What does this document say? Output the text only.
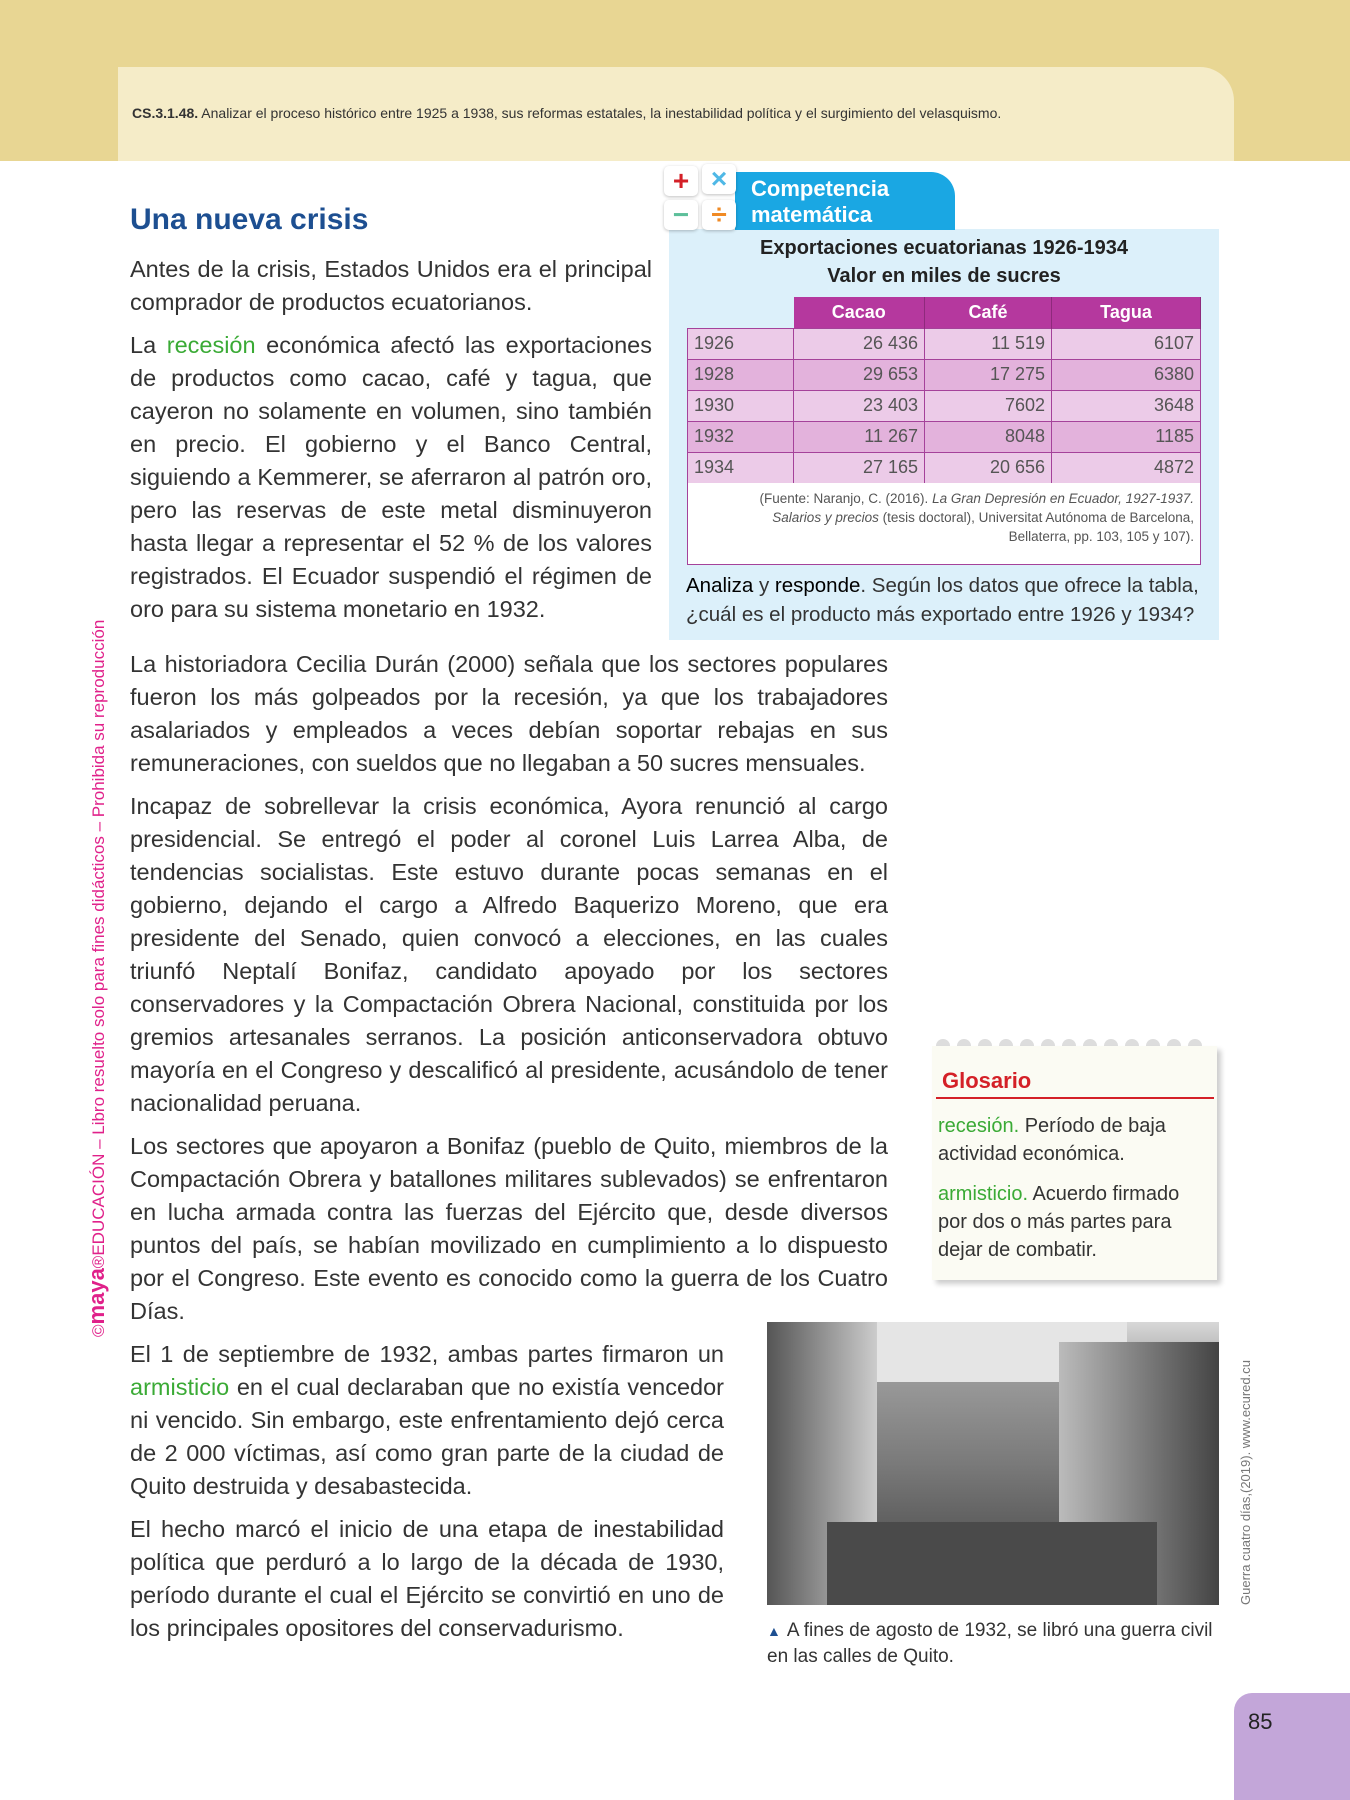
CS.3.1.48. Analizar el proceso histórico entre 1925 a 1938, sus reformas estatales, la inestabilidad política y el surgimiento del velasquismo.
©maya®EDUCACIÓN – Libro resuelto solo para fines didácticos – Prohibida su reproducción
Una nueva crisis

Antes de la crisis, Estados Unidos era el principal comprador de productos ecuatorianos.

La recesión económica afectó las exportaciones de productos como cacao, café y tagua, que cayeron no solamente en volumen, sino también en precio. El gobierno y el Banco Central, siguiendo a Kemmerer, se aferraron al patrón oro, pero las reservas de este metal disminuyeron hasta llegar a representar el 52 % de los valores registrados. El Ecuador suspendió el régimen de oro para su sistema monetario en 1932.

La historiadora Cecilia Durán (2000) señala que los sectores populares fueron los más golpeados por la recesión, ya que los trabajadores asalariados y empleados a veces debían soportar rebajas en sus remuneraciones, con sueldos que no llegaban a 50 sucres mensuales.

Incapaz de sobrellevar la crisis económica, Ayora renunció al cargo presidencial. Se entregó el poder al coronel Luis Larrea Alba, de tendencias socialistas. Este estuvo durante pocas semanas en el gobierno, dejando el cargo a Alfredo Baquerizo Moreno, que era presidente del Senado, quien convocó a elecciones, en las cuales triunfó Neptalí Bonifaz, candidato apoyado por los sectores conservadores y la Compactación Obrera Nacional, constituida por los gremios artesanales serranos. La posición anticonservadora obtuvo mayoría en el Congreso y descalificó al presidente, acusándolo de tener nacionalidad peruana.

Los sectores que apoyaron a Bonifaz (pueblo de Quito, miembros de la Compactación Obrera y batallones militares sublevados) se enfrentaron en lucha armada contra las fuerzas del Ejército que, desde diversos puntos del país, se habían movilizado en cumplimiento a lo dispuesto por el Congreso. Este evento es conocido como la guerra de los Cuatro Días.

El 1 de septiembre de 1932, ambas partes firmaron un armisticio en el cual declaraban que no existía vencedor ni vencido. Sin embargo, este enfrentamiento dejó cerca de 2 000 víctimas, así como gran parte de la ciudad de Quito destruida y desabastecida.

El hecho marcó el inicio de una etapa de inestabilidad política que perduró a lo largo de la década de 1930, período durante el cual el Ejército se convirtió en uno de los principales opositores del conservadurismo.

Competencia
matemática
+ ×
− ÷
Exportaciones ecuatorianas 1926-1934
Valor en miles de sucres
	Cacao	Café	Tagua
1926	26 436	11 519	6107
1928	29 653	17 275	6380
1930	23 403	7602	3648
1932	11 267	8048	1185
1934	27 165	20 656	4872
(Fuente: Naranjo, C. (2016). La Gran Depresión en Ecuador, 1927-1937. Salarios y precios (tesis doctoral), Universitat Autónoma de Barcelona, Bellaterra, pp. 103, 105 y 107).
Analiza y responde. Según los datos que ofrece la tabla, ¿cuál es el producto más exportado entre 1926 y 1934?
Glosario
recesión. Período de baja actividad económica.
armisticio. Acuerdo firmado por dos o más partes para dejar de combatir.
Guerra cuatro días,(2019). www.ecured.cu
▲ A fines de agosto de 1932, se libró una guerra civil en las calles de Quito.
85
